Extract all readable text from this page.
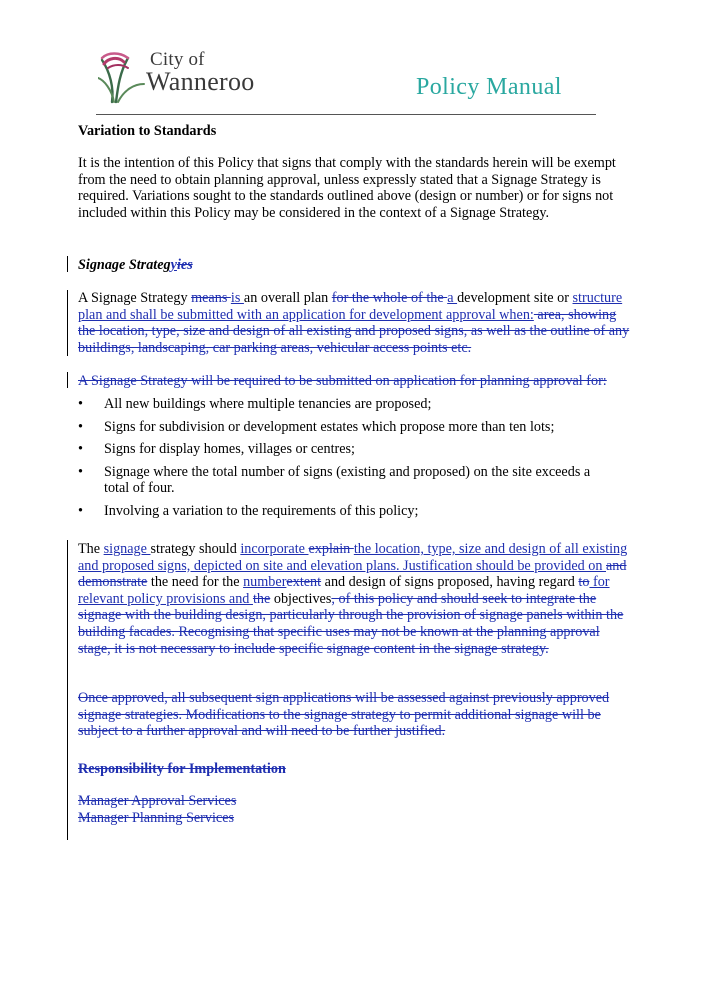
City of
Wanneroo	Policy Manual

Variation to Standards

It is the intention of this Policy that signs that comply with the standards herein will be exempt from the need to obtain planning approval, unless expressly stated that a Signage Strategy is required. Variations sought to the standards outlined above (design or number) or for signs not included within this Policy may be considered in the context of a Signage Strategy.

Signage Strategyies

A Signage Strategy means is an overall plan for the whole of the a development site or structure plan and shall be submitted with an application for development approval when: area, showing the location, type, size and design of all existing and proposed signs, as well as the outline of any buildings, landscaping, car parking areas, vehicular access points etc.

A Signage Strategy will be required to be submitted on application for planning approval for:

• All new buildings where multiple tenancies are proposed;
• Signs for subdivision or development estates which propose more than ten lots;
• Signs for display homes, villages or centres;
• Signage where the total number of signs (existing and proposed) on the site exceeds a total of four.
• Involving a variation to the requirements of this policy;

The signage strategy should incorporate explain the location, type, size and design of all existing and proposed signs, depicted on site and elevation plans. Justification should be provided on and demonstrate the need for the numberextent and design of signs proposed, having regard to for relevant policy provisions and the objectives, of this policy and should seek to integrate the signage with the building design, particularly through the provision of signage panels within the building facades. Recognising that specific uses may not be known at the planning approval stage, it is not necessary to include specific signage content in the signage strategy.

Once approved, all subsequent sign applications will be assessed against previously approved signage strategies. Modifications to the signage strategy to permit additional signage will be subject to a further approval and will need to be further justified.

Responsibility for Implementation

Manager Approval Services

Manager Planning Services
